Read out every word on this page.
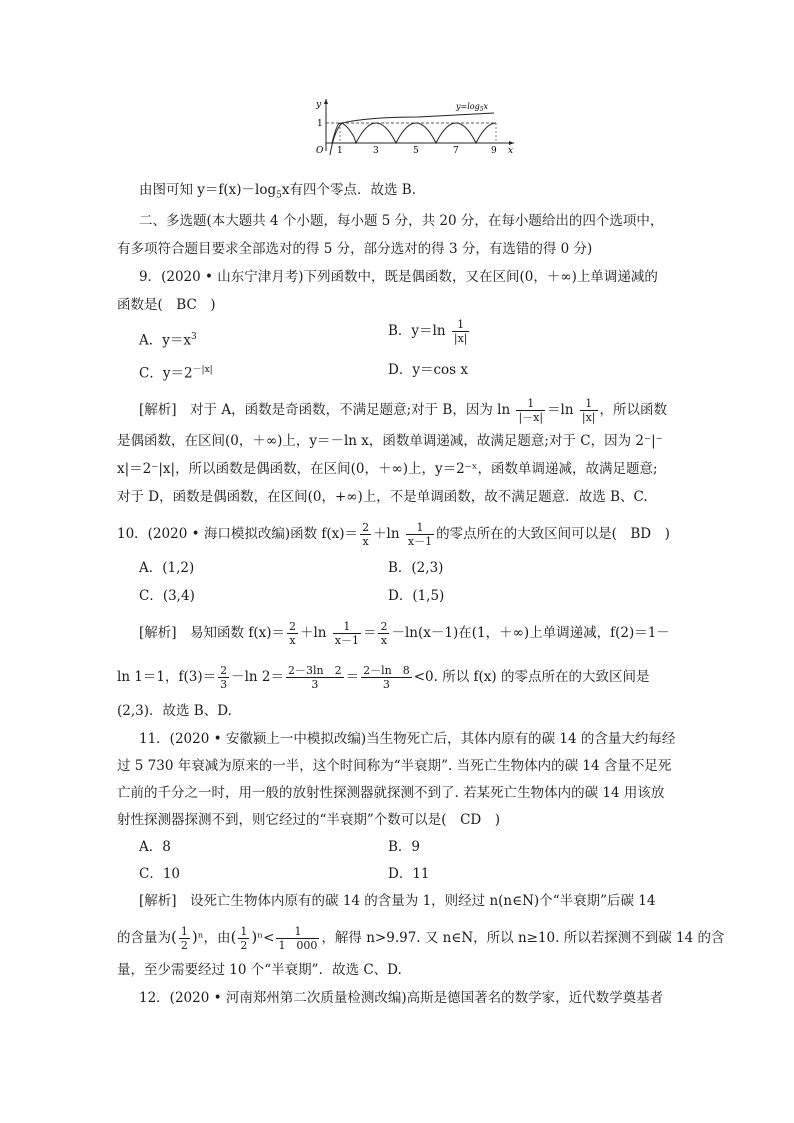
y
x
O
1
1	3	5	7	9
$y=\log_5x$
由图可知 $y=f(x)-\log_5x$有四个零点．故选 B.
二、多选题(本大题共 4 个小题，每小题 5 分，共 20 分，在每小题给出的四个选项中，
有多项符合题目要求全部选对的得 5 分，部分选对的得 3 分，有选错的得 0 分)
9．(2020 • 山东宁津月考)下列函数中，既是偶函数，又在区间(0，＋∞)上单调递减的
函数是(　BC　)
A．$y=x^3$	B．$y=\ln \frac{1}{|x|}$
C．$y=2^{-|x|}$	D．y＝cos x
[解析]　对于 A，函数是奇函数，不满足题意;对于 B，因为 $\ln \frac{1}{|-x|} =\ln \frac{1}{|x|}$ ，所以函数
是偶函数，在区间(0，＋∞)上，y＝－ln x，函数单调递减，故满足题意;对于 C，因为 2⁻|⁻
x|＝2⁻|x|，所以函数是偶函数，在区间(0，＋∞)上，y＝2⁻ˣ，函数单调递减，故满足题意;
对于 D，函数是偶函数，在区间(0，+∞)上，不是单调函数，故不满足题意．故选 B、C.
10．(2020 • 海口模拟改编)函数 $f(x)= \frac{2}{x} +\ln \frac{1}{x-1}$ 的零点所在的大致区间可以是(　BD　)
A．(1,2)	B．(2,3)
C．(3,4)	D．(1,5)
[解析]　易知函数 $f(x)= \frac{2}{x} +\ln \frac{1}{x-1} = \frac{2}{x} -\ln(x-1)$在(1，＋∞)上单调递减，f(2)＝1－
ln 1＝1，$f(3)= \frac{2}{3} -\ln$ $2= \frac{2-3\ln 2}{3} = \frac{2-\ln 8}{3} <0$. 所以 f(x) 的零点所在的大致区间是
(2,3)．故选 B、D.
11．(2020 • 安徽颍上一中模拟改编)当生物死亡后，其体内原有的碳 14 的含量大约每经
过 5 730 年衰减为原来的一半，这个时间称为“半衰期”. 当死亡生物体内的碳 14 含量不足死
亡前的千分之一时，用一般的放射性探测器就探测不到了. 若某死亡生物体内的碳 14 用该放
射性探测器探测不到，则它经过的“半衰期”个数可以是(　CD　)
A．8	B．9
C．10	D．11
[解析]　设死亡生物体内原有的碳 14 的含量为 1，则经过 n(n∈N)个“半衰期”后碳 14
的含量为( $\frac{1}{2} )^n$，由( $\frac{1}{2} )^n< \frac{1}{1 000}$ ，解得 n>9.97. 又 n∈N，所以 n≥10. 所以若探测不到碳 14 的含
量，至少需要经过 10 个“半衰期”．故选 C、D.
12．(2020 • 河南郑州第二次质量检测改编)高斯是德国著名的数学家，近代数学奠基者
